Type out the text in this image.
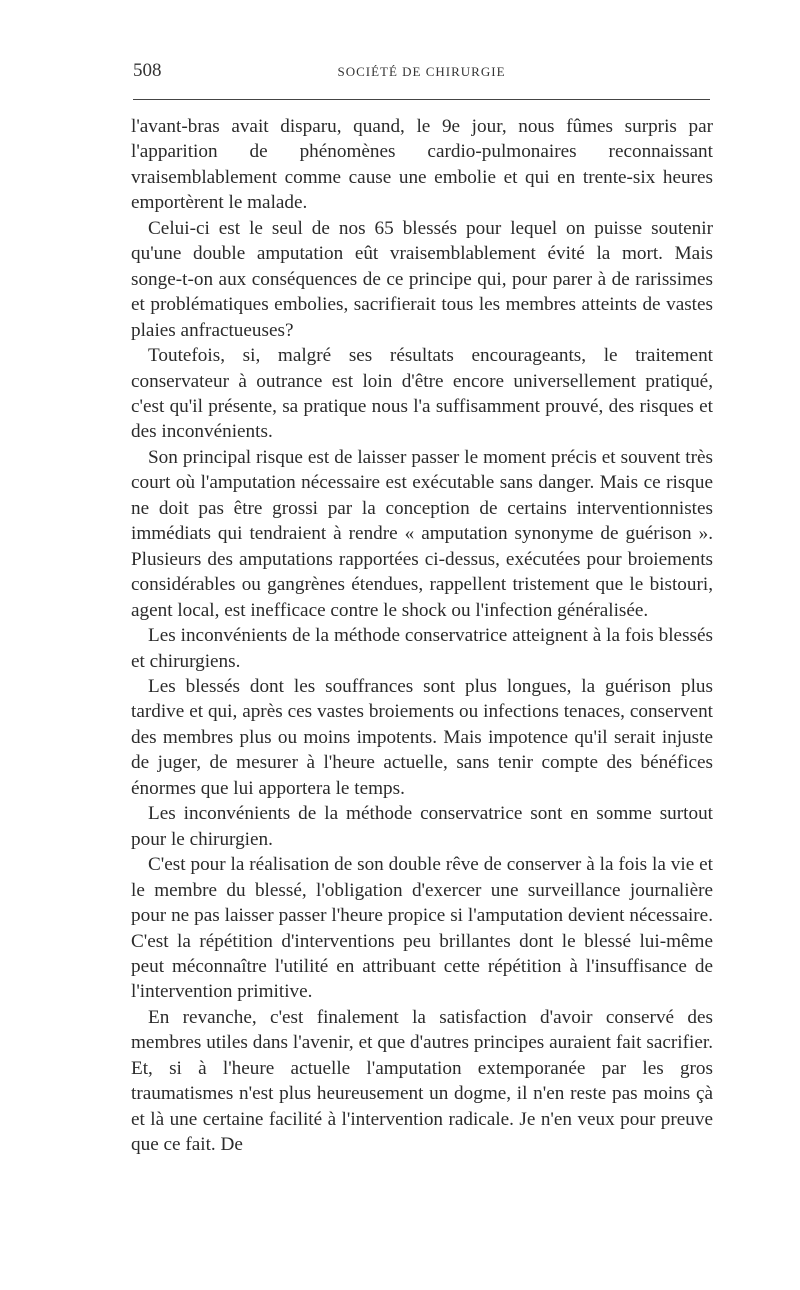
508	SOCIÉTÉ DE CHIRURGIE

l'avant-bras avait disparu, quand, le 9e jour, nous fûmes surpris par l'apparition de phénomènes cardio-pulmonaires reconnaissant vraisemblablement comme cause une embolie et qui en trente-six heures emportèrent le malade.

Celui-ci est le seul de nos 65 blessés pour lequel on puisse soutenir qu'une double amputation eût vraisemblablement évité la mort. Mais songe-t-on aux conséquences de ce principe qui, pour parer à de rarissimes et problématiques embolies, sacrifierait tous les membres atteints de vastes plaies anfractueuses?

Toutefois, si, malgré ses résultats encourageants, le traitement conservateur à outrance est loin d'être encore universellement pratiqué, c'est qu'il présente, sa pratique nous l'a suffisamment prouvé, des risques et des inconvénients.

Son principal risque est de laisser passer le moment précis et souvent très court où l'amputation nécessaire est exécutable sans danger. Mais ce risque ne doit pas être grossi par la conception de certains interventionnistes immédiats qui tendraient à rendre « amputation synonyme de guérison ». Plusieurs des amputations rapportées ci-dessus, exécutées pour broiements considérables ou gangrènes étendues, rappellent tristement que le bistouri, agent local, est inefficace contre le shock ou l'infection généralisée.

Les inconvénients de la méthode conservatrice atteignent à la fois blessés et chirurgiens.

Les blessés dont les souffrances sont plus longues, la guérison plus tardive et qui, après ces vastes broiements ou infections tenaces, conservent des membres plus ou moins impotents. Mais impotence qu'il serait injuste de juger, de mesurer à l'heure actuelle, sans tenir compte des bénéfices énormes que lui apportera le temps.

Les inconvénients de la méthode conservatrice sont en somme surtout pour le chirurgien.

C'est pour la réalisation de son double rêve de conserver à la fois la vie et le membre du blessé, l'obligation d'exercer une surveillance journalière pour ne pas laisser passer l'heure propice si l'amputation devient nécessaire. C'est la répétition d'interventions peu brillantes dont le blessé lui-même peut méconnaître l'utilité en attribuant cette répétition à l'insuffisance de l'intervention primitive.

En revanche, c'est finalement la satisfaction d'avoir conservé des membres utiles dans l'avenir, et que d'autres principes auraient fait sacrifier. Et, si à l'heure actuelle l'amputation extemporanée par les gros traumatismes n'est plus heureusement un dogme, il n'en reste pas moins çà et là une certaine facilité à l'intervention radicale. Je n'en veux pour preuve que ce fait. De
